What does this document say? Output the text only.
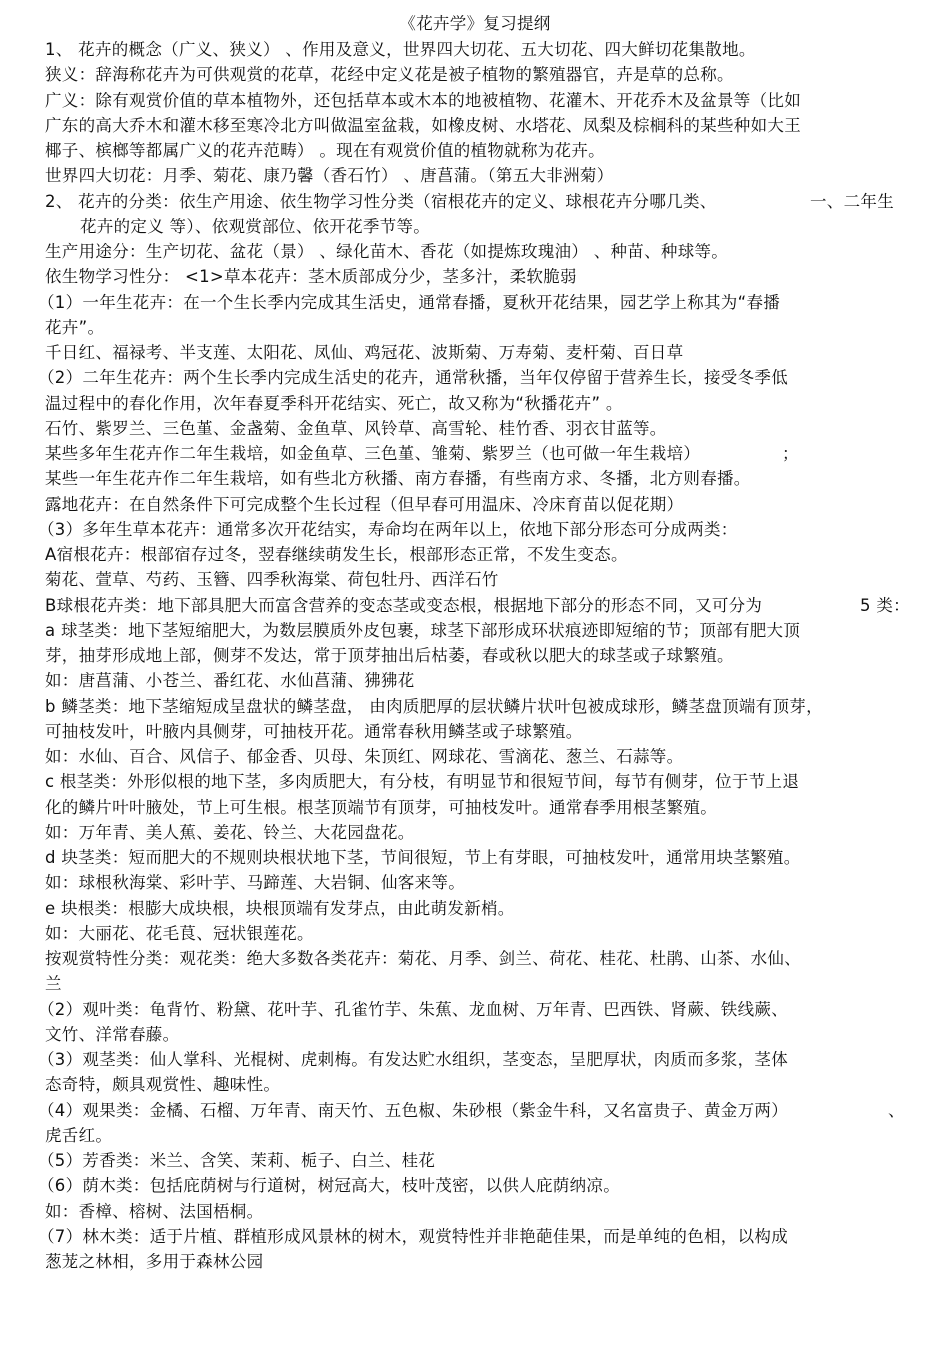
《花卉学》复习提纲
1、 花卉的概念（广义、狭义） 、作用及意义，世界四大切花、五大切花、四大鲜切花集散地。
狭义：辞海称花卉为可供观赏的花草，花经中定义花是被子植物的繁殖器官，卉是草的总称。
广义：除有观赏价值的草本植物外，还包括草本或木本的地被植物、花灌木、开花乔木及盆景等（比如
广东的高大乔木和灌木移至寒冷北方叫做温室盆栽，如橡皮树、水塔花、凤梨及棕榈科的某些种如大王
椰子、槟榔等都属广义的花卉范畴） 。现在有观赏价值的植物就称为花卉。
世界四大切花：月季、菊花、康乃馨（香石竹） 、唐菖蒲。（第五大非洲菊）
2、 花卉的分类：依生产用途、依生物学习性分类（宿根花卉的定义、球根花卉分哪几类、	一、二年生
花卉的定义 等）、依观赏部位、依开花季节等。
生产用途分：生产切花、盆花（景） 、绿化苗木、香花（如提炼玫瑰油） 、种苗、种球等。
依生物学习性分： <1>草本花卉：茎木质部成分少，茎多汁，柔软脆弱
（1）一年生花卉：在一个生长季内完成其生活史，通常春播，夏秋开花结果，园艺学上称其为“春播
花卉”。
千日红、福禄考、半支莲、太阳花、凤仙、鸡冠花、波斯菊、万寿菊、麦杆菊、百日草
（2）二年生花卉：两个生长季内完成生活史的花卉，通常秋播，当年仅停留于营养生长，接受冬季低
温过程中的春化作用，次年春夏季科开花结实、死亡，故又称为“秋播花卉” 。
石竹、紫罗兰、三色堇、金盏菊、金鱼草、风铃草、高雪轮、桂竹香、羽衣甘蓝等。
某些多年生花卉作二年生栽培，如金鱼草、三色堇、雏菊、紫罗兰（也可做一年生栽培）	；
某些一年生花卉作二年生栽培，如有些北方秋播、南方春播，有些南方求、冬播，北方则春播。
露地花卉：在自然条件下可完成整个生长过程（但早春可用温床、冷床育苗以促花期）
（3）多年生草本花卉：通常多次开花结实，寿命均在两年以上，依地下部分形态可分成两类：
A宿根花卉：根部宿存过冬，翌春继续萌发生长，根部形态正常，不发生变态。
菊花、萱草、芍药、玉簪、四季秋海棠、荷包牡丹、西洋石竹
B球根花卉类：地下部具肥大而富含营养的变态茎或变态根，根据地下部分的形态不同，又可分为	5 类：
a 球茎类：地下茎短缩肥大，为数层膜质外皮包裹，球茎下部形成环状痕迹即短缩的节；顶部有肥大顶
芽，抽芽形成地上部，侧芽不发达，常于顶芽抽出后枯萎，春或秋以肥大的球茎或子球繁殖。
如：唐菖蒲、小苍兰、番红花、水仙菖蒲、狒狒花
b 鳞茎类：地下茎缩短成呈盘状的鳞茎盘， 由肉质肥厚的层状鳞片状叶包被成球形，鳞茎盘顶端有顶芽，
可抽枝发叶，叶腋内具侧芽，可抽枝开花。通常春秋用鳞茎或子球繁殖。
如：水仙、百合、风信子、郁金香、贝母、朱顶红、网球花、雪滴花、葱兰、石蒜等。
c 根茎类：外形似根的地下茎，多肉质肥大，有分枝，有明显节和很短节间，每节有侧芽，位于节上退
化的鳞片叶叶腋处，节上可生根。根茎顶端节有顶芽，可抽枝发叶。通常春季用根茎繁殖。
如：万年青、美人蕉、姜花、铃兰、大花园盘花。
d 块茎类：短而肥大的不规则块根状地下茎，节间很短，节上有芽眼，可抽枝发叶，通常用块茎繁殖。
如：球根秋海棠、彩叶芋、马蹄莲、大岩铜、仙客来等。
e 块根类：根膨大成块根，块根顶端有发芽点，由此萌发新梢。
如：大丽花、花毛茛、冠状银莲花。
按观赏特性分类：观花类：绝大多数各类花卉：菊花、月季、剑兰、荷花、桂花、杜鹃、山茶、水仙、
兰
（2）观叶类：龟背竹、粉黛、花叶芋、孔雀竹芋、朱蕉、龙血树、万年青、巴西铁、肾蕨、铁线蕨、
文竹、洋常春藤。
（3）观茎类：仙人掌科、光棍树、虎刺梅。有发达贮水组织，茎变态，呈肥厚状，肉质而多浆，茎体
态奇特，颇具观赏性、趣味性。
（4）观果类：金橘、石榴、万年青、南天竹、五色椒、朱砂根（紫金牛科，又名富贵子、黄金万两）	、
虎舌红。
（5）芳香类：米兰、含笑、茉莉、栀子、白兰、桂花
（6）荫木类：包括庇荫树与行道树，树冠高大，枝叶茂密，以供人庇荫纳凉。
如：香樟、榕树、法国梧桐。
（7）林木类：适于片植、群植形成风景林的树木，观赏特性并非艳葩佳果，而是单纯的色相，以构成
葱茏之林相，多用于森林公园
